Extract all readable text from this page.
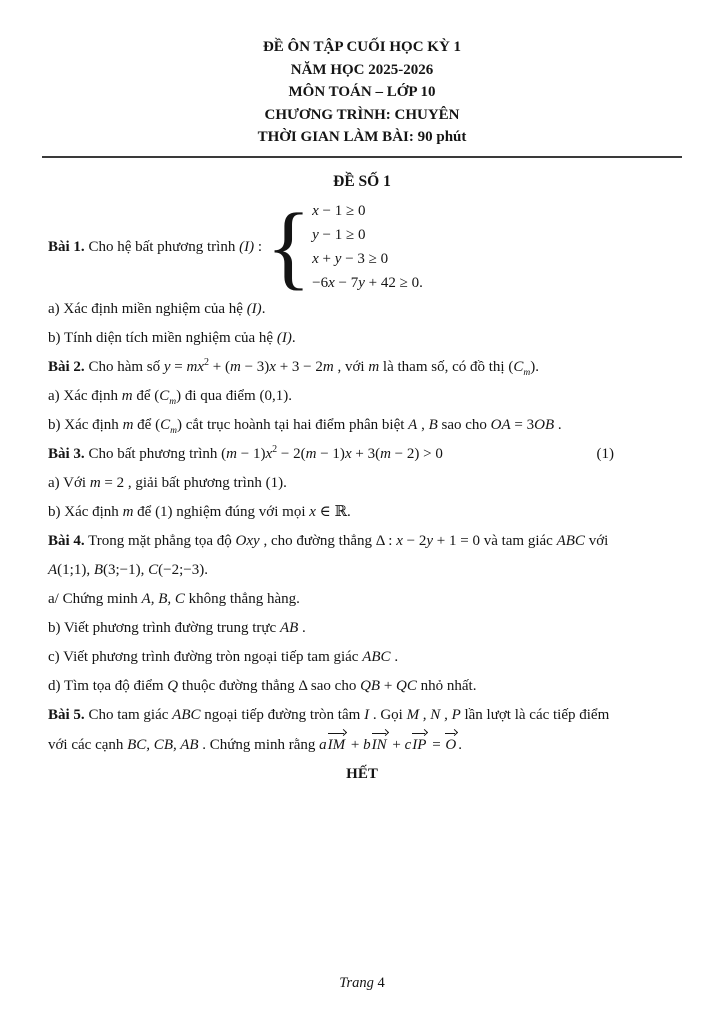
ĐỀ ÔN TẬP CUỐI HỌC KỲ 1
NĂM HỌC 2025-2026
MÔN TOÁN – LỚP 10
CHƯƠNG TRÌNH: CHUYÊN
THỜI GIAN LÀM BÀI: 90 phút
ĐỀ SỐ 1
Bài 1. Cho hệ bất phương trình (I) : { x − 1 ≥ 0
y − 1 ≥ 0
x + y − 3 ≥ 0
−6x − 7y + 42 ≥ 0.
a) Xác định miền nghiệm của hệ (I).
b) Tính diện tích miền nghiệm của hệ (I).
Bài 2. Cho hàm số $y = mx^2 + (m - 3)x + 3 - 2m$ , với m là tham số, có đồ thị $(C_m)$.
a) Xác định m để $(C_m)$ đi qua điểm (0,1).
b) Xác định m để $(C_m)$ cắt trục hoành tại hai điểm phân biệt A , B sao cho OA = 3OB .
Bài 3. Cho bất phương trình $(m - 1)x^2 - 2(m - 1)x + 3(m - 2) > 0$	(1)
a) Với m = 2 , giải bất phương trình (1).
b) Xác định m để (1) nghiệm đúng với mọi x ∈ ℝ.
Bài 4. Trong mặt phẳng tọa độ Oxy , cho đường thẳng Δ : x − 2y + 1 = 0 và tam giác ABC với
A(1;1), B(3;−1), C(−2;−3).
a/ Chứng minh A, B, C không thẳng hàng.
b) Viết phương trình đường trung trực AB .
c) Viết phương trình đường tròn ngoại tiếp tam giác ABC .
d) Tìm tọa độ điểm Q thuộc đường thẳng Δ sao cho QB + QC nhỏ nhất.
Bài 5. Cho tam giác ABC ngoại tiếp đường tròn tâm I . Gọi M , N , P lần lượt là các tiếp điểm
với các cạnh BC, CB, AB . Chứng minh rằng aIM + bIN + cIP = O .
HẾT
Trang 4
